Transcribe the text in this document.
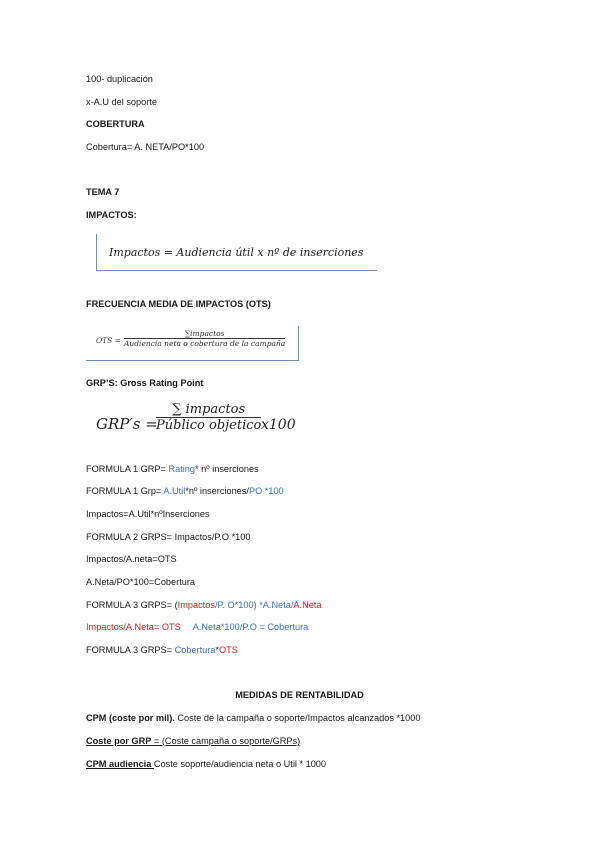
100- duplicación
x-A.U del soporte
COBERTURA
Cobertura= A. NETA/PO*100
TEMA 7
IMPACTOS:
Impactos = Audiencia útil x nº de inserciones
FRECUENCIA MEDIA DE IMPACTOS (OTS)
OTS =
∑impactos
Audiencia neta o cobertura de la campaña
GRP’S: Gross Rating Point
GRP′s =
∑ impactos
Público objetico x100
FORMULA 1 GRP= Rating* nº inserciones
FORMULA 1 Grp= A.Util*nº inserciones/PO *100
Impactos=A.Util*nºInserciones
FORMULA 2 GRPS= Impactos/P.O *100
Impactos/A.neta=OTS
A.Neta/PO*100=Cobertura
FORMULA 3 GRPS= (Impactos/P. O*100) *A.Neta/A.Neta
Impactos/A.Neta= OTS A.Neta*100/P.O = Cobertura
FORMULA 3 GRPS= Cobertura*OTS
MEDIDAS DE RENTABILIDAD
CPM (coste por mil). Coste de la campaña o soporte/Impactos alcanzados *1000
Coste por GRP = (Coste campaña o soporte/GRPs)
CPM audiencia Coste soporte/audiencia neta o Util * 1000
